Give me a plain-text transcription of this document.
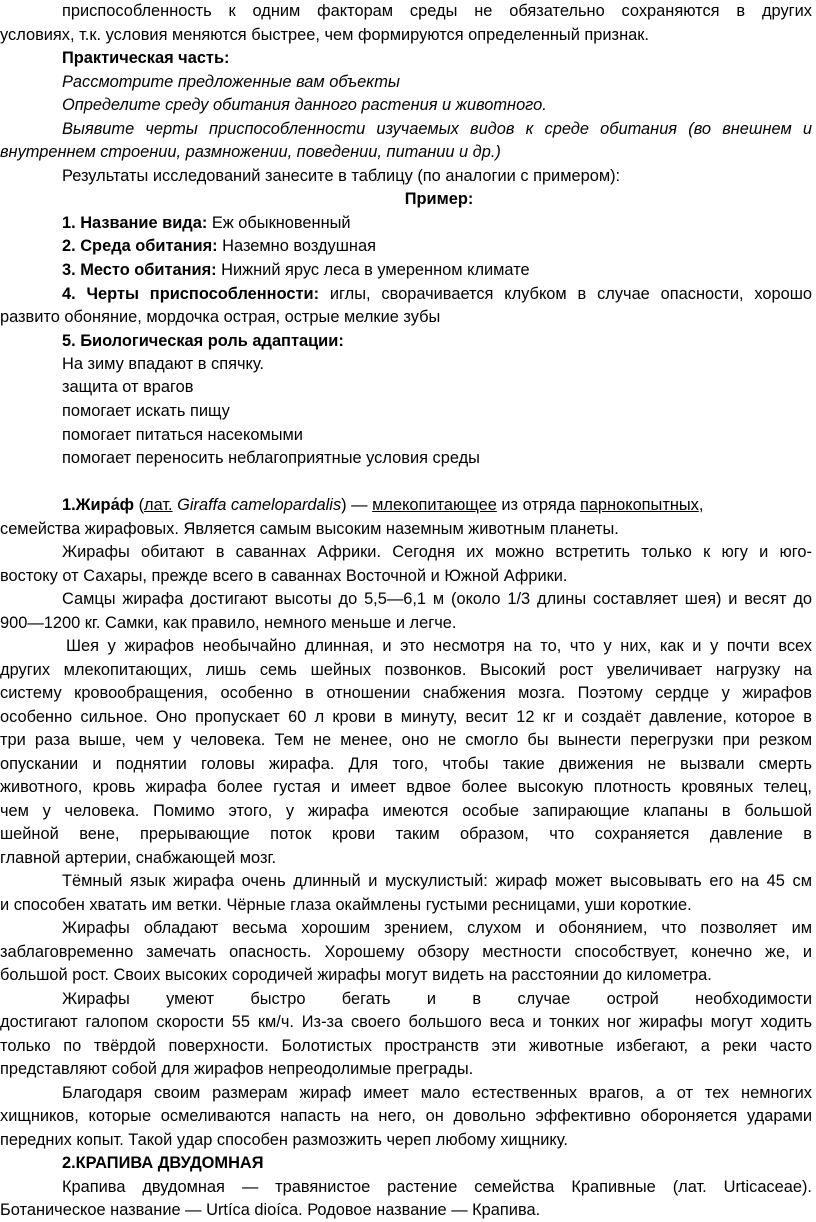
приспособленность к одним факторам среды не обязательно сохраняются в других
условиях, т.к. условия меняются быстрее, чем формируются определенный признак.
Практическая часть:
Рассмотрите предложенные вам объекты
Определите среду обитания данного растения и животного.
Выявите черты приспособленности изучаемых видов к среде обитания (во внешнем и
внутреннем строении, размножении, поведении, питании и др.)
Результаты исследований занесите в таблицу (по аналогии с примером):
Пример:
1. Название вида: Еж обыкновенный
2. Среда обитания: Наземно воздушная
3. Место обитания: Нижний ярус леса в умеренном климате
4. Черты приспособленности: иглы, сворачивается клубком в случае опасности, хорошо
развито обоняние, мордочка острая, острые мелкие зубы
5. Биологическая роль адаптации:
На зиму впадают в спячку.
защита от врагов
помогает искать пищу
помогает питаться насекомыми
помогает переносить неблагоприятные условия среды
1.Жира́ф (лат. Giraffa camelopardalis) — млекопитающее из отряда парнокопытных,
семейства жирафовых. Является самым высоким наземным животным планеты.
Жирафы обитают в саваннах Африки. Сегодня их можно встретить только к югу и юго-
востоку от Сахары, прежде всего в саваннах Восточной и Южной Африки.
Самцы жирафа достигают высоты до 5,5—6,1 м (около 1/3 длины составляет шея) и весят до
900—1200 кг. Самки, как правило, немного меньше и легче.
Шея у жирафов необычайно длинная, и это несмотря на то, что у них, как и у почти всех
других млекопитающих, лишь семь шейных позвонков. Высокий рост увеличивает нагрузку на
систему кровообращения, особенно в отношении снабжения мозга. Поэтому сердце у жирафов
особенно сильное. Оно пропускает 60 л крови в минуту, весит 12 кг и создаёт давление, которое в
три раза выше, чем у человека. Тем не менее, оно не смогло бы вынести перегрузки при резком
опускании и поднятии головы жирафа. Для того, чтобы такие движения не вызвали смерть
животного, кровь жирафа более густая и имеет вдвое более высокую плотность кровяных телец,
чем у человека. Помимо этого, у жирафа имеются особые запирающие клапаны в большой
шейной вене, прерывающие поток крови таким образом, что сохраняется давление в
главной артерии, снабжающей мозг.
Тёмный язык жирафа очень длинный и мускулистый: жираф может высовывать его на 45 см
и способен хватать им ветки. Чёрные глаза окаймлены густыми ресницами, уши короткие.
Жирафы обладают весьма хорошим зрением, слухом и обонянием, что позволяет им
заблаговременно замечать опасность. Хорошему обзору местности способствует, конечно же, и
большой рост. Своих высоких сородичей жирафы могут видеть на расстоянии до километра.
Жирафы умеют быстро бегать и в случае острой необходимости
достигают галопом скорости 55 км/ч. Из-за своего большого веса и тонких ног жирафы могут ходить
только по твёрдой поверхности. Болотистых пространств эти животные избегают, а реки часто
представляют собой для жирафов непреодолимые преграды.
Благодаря своим размерам жираф имеет мало естественных врагов, а от тех немногих
хищников, которые осмеливаются напасть на него, он довольно эффективно обороняется ударами
передних копыт. Такой удар способен размозжить череп любому хищнику.
2.КРАПИВА ДВУДОМНАЯ
Крапива двудомная — травянистое растение семейства Крапивные (лат. Urticaceae).
Ботаническое название — Urtíca dioíca. Родовое название — Крапива.
